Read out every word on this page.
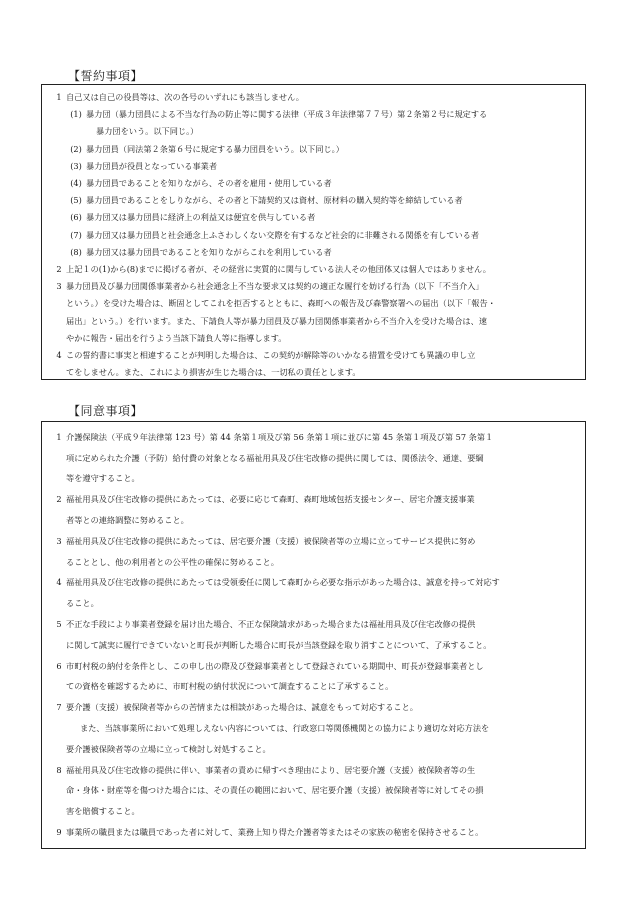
【誓約事項】
1 自己又は自己の役員等は、次の各号のいずれにも該当しません。
(1) 暴力団（暴力団員による不当な行為の防止等に関する法律（平成３年法律第７７号）第２条第２号に規定する
暴力団をいう。以下同じ。）
(2) 暴力団員（同法第２条第６号に規定する暴力団員をいう。以下同じ。）
(3) 暴力団員が役員となっている事業者
(4) 暴力団員であることを知りながら、その者を雇用・使用している者
(5) 暴力団員であることをしりながら、その者と下請契約又は資材、原材料の購入契約等を締結している者
(6) 暴力団又は暴力団員に経済上の利益又は便宜を供与している者
(7) 暴力団又は暴力団員と社会通念上ふさわしくない交際を有するなど社会的に非難される関係を有している者
(8) 暴力団又は暴力団員であることを知りながらこれを利用している者
2 上記１の(1)から(8)までに掲げる者が、その経営に実質的に関与している法人その他団体又は個人ではありません。
3 暴力団員及び暴力団関係事業者から社会通念上不当な要求又は契約の適正な履行を妨げる行為（以下「不当介入」
という。）を受けた場合は、断固としてこれを拒否するとともに、森町への報告及び森警察署への届出（以下「報告・
届出」という。）を行います。また、下請負人等が暴力団員及び暴力団関係事業者から不当介入を受けた場合は、速
やかに報告・届出を行うよう当該下請負人等に指導します。
4 この誓約書に事実と相違することが判明した場合は、この契約が解除等のいかなる措置を受けても異議の申し立
てをしません。また、これにより損害が生じた場合は、一切私の責任とします。
【同意事項】
1 介護保険法（平成９年法律第 123 号）第 44 条第１項及び第 56 条第１項に並びに第 45 条第１項及び第 57 条第１
項に定められた介護（予防）給付費の対象となる福祉用具及び住宅改修の提供に関しては、関係法令、通達、要綱
等を遵守すること。
2 福祉用具及び住宅改修の提供にあたっては、必要に応じて森町、森町地域包括支援センター、居宅介護支援事業
者等との連絡調整に努めること。
3 福祉用具及び住宅改修の提供にあたっては、居宅要介護（支援）被保険者等の立場に立ってサービス提供に努め
ることとし、他の利用者との公平性の確保に努めること。
4 福祉用具及び住宅改修の提供にあたっては受領委任に関して森町から必要な指示があった場合は、誠意を持って対応す
ること。
5 不正な手段により事業者登録を届け出た場合、不正な保険請求があった場合または福祉用具及び住宅改修の提供
に関して誠実に履行できていないと町長が判断した場合に町長が当該登録を取り消すことについて、了承すること。
6 市町村税の納付を条件とし、この申し出の際及び登録事業者として登録されている期間中、町長が登録事業者とし
ての資格を確認するために、市町村税の納付状況について調査することに了承すること。
7 要介護（支援）被保険者等からの苦情または相談があった場合は、誠意をもって対応すること。
また、当該事業所において処理しえない内容については、行政窓口等関係機関との協力により適切な対応方法を
要介護被保険者等の立場に立って検討し対処すること。
8 福祉用具及び住宅改修の提供に伴い、事業者の責めに帰すべき理由により、居宅要介護（支援）被保険者等の生
命・身体・財産等を傷つけた場合には、その責任の範囲において、居宅要介護（支援）被保険者等に対してその損
害を賠償すること。
9 事業所の職員または職員であった者に対して、業務上知り得た介護者等またはその家族の秘密を保持させること。
